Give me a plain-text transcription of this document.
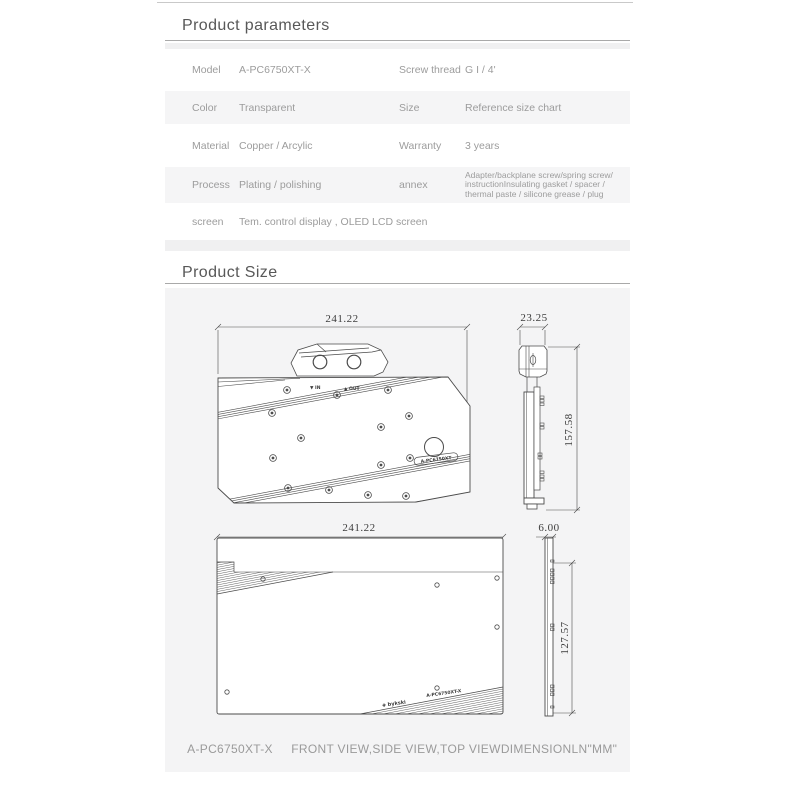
Product parameters
Model	A-PC6750XT-X	Screw thread G I / 4'
Color	Transparent	Size	Reference size chart
Material Copper / Arcylic	Warranty	3 years
Process Plating / polishing	annex
Adapter/backplane screw/spring screw/
instructionInsulating gasket / spacer /
thermal paste / silicone grease / plug
screen	Tem. control display , OLED LCD screen
Product Size
241.22
▼ IN	▲ OUT
A-PC6750XT
23.25
157.58
241.22
◈ bykski
A-PC6750XT-X
6.00
127.57
A-PC6750XT-X FRONT VIEW,SIDE VIEW,TOP VIEW DIMENSIONLN"MM"
